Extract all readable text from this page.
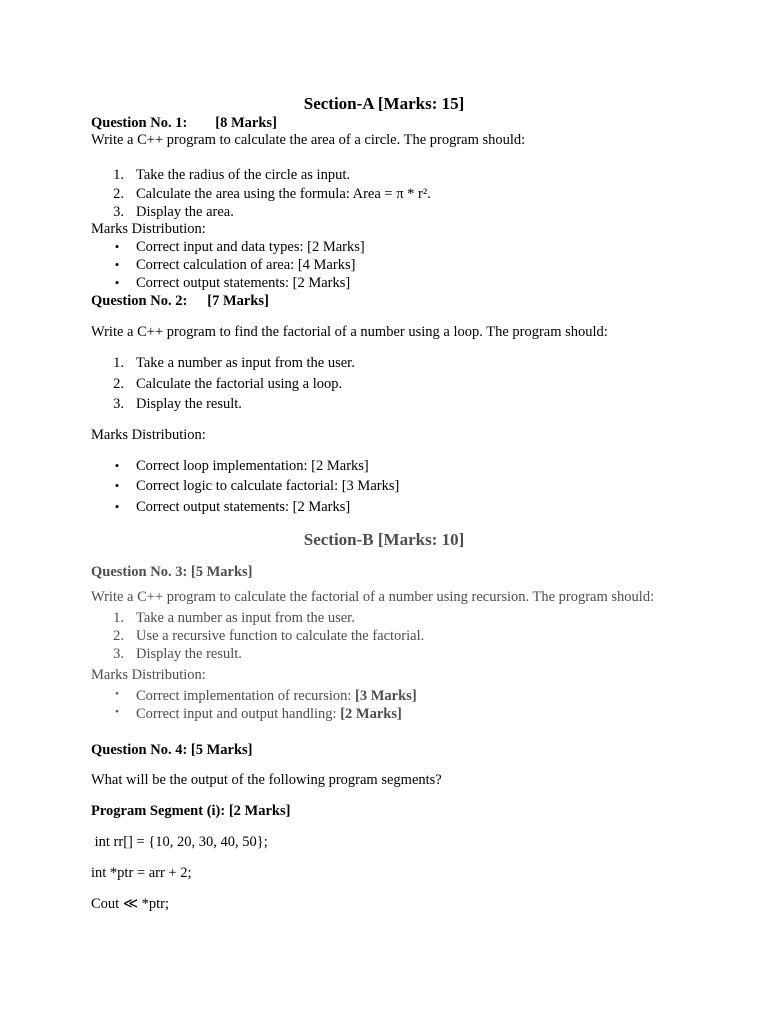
Section-A [Marks: 15]
Question No. 1: [8 Marks]
Write a C++ program to calculate the area of a circle. The program should:
1. Take the radius of the circle as input.
2. Calculate the area using the formula: Area = π * r².
3. Display the area.
Marks Distribution:
• Correct input and data types: [2 Marks]
• Correct calculation of area: [4 Marks]
• Correct output statements: [2 Marks]
Question No. 2: [7 Marks]
Write a C++ program to find the factorial of a number using a loop. The program should:
1. Take a number as input from the user.
2. Calculate the factorial using a loop.
3. Display the result.
Marks Distribution:
• Correct loop implementation: [2 Marks]
• Correct logic to calculate factorial: [3 Marks]
• Correct output statements: [2 Marks]
Section-B [Marks: 10]
Question No. 3: [5 Marks]
Write a C++ program to calculate the factorial of a number using recursion. The program should:
1. Take a number as input from the user.
2. Use a recursive function to calculate the factorial.
3. Display the result.
Marks Distribution:
• Correct implementation of recursion: [3 Marks]
• Correct input and output handling: [2 Marks]
Question No. 4: [5 Marks]
What will be the output of the following program segments?
Program Segment (i): [2 Marks]
int rr[] = {10, 20, 30, 40, 50};
int *ptr = arr + 2;
Cout ≪ *ptr;
